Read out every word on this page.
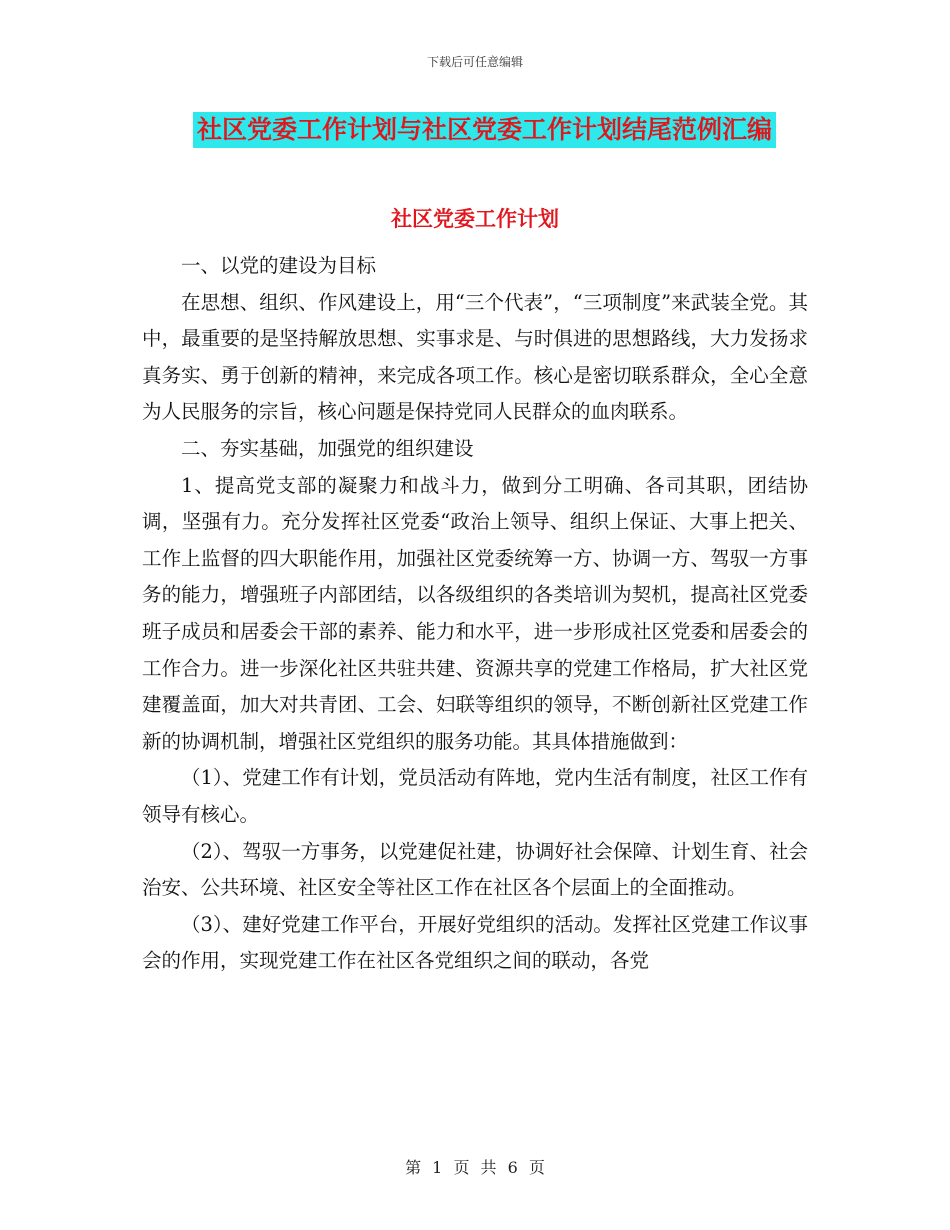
下载后可任意编辑
社区党委工作计划与社区党委工作计划结尾范例汇编
社区党委工作计划

一、以党的建设为目标

在思想、组织、作风建设上，用“三个代表”，“三项制度”来武装全党。其中，最重要的是坚持解放思想、实事求是、与时俱进的思想路线，大力发扬求真务实、勇于创新的精神，来完成各项工作。核心是密切联系群众，全心全意为人民服务的宗旨，核心问题是保持党同人民群众的血肉联系。

二、夯实基础，加强党的组织建设

1、提高党支部的凝聚力和战斗力，做到分工明确、各司其职，团结协调，坚强有力。充分发挥社区党委“政治上领导、组织上保证、大事上把关、工作上监督的四大职能作用，加强社区党委统筹一方、协调一方、驾驭一方事务的能力，增强班子内部团结，以各级组织的各类培训为契机，提高社区党委班子成员和居委会干部的素养、能力和水平，进一步形成社区党委和居委会的工作合力。进一步深化社区共驻共建、资源共享的党建工作格局，扩大社区党建覆盖面，加大对共青团、工会、妇联等组织的领导，不断创新社区党建工作新的协调机制，增强社区党组织的服务功能。其具体措施做到：

（1）、党建工作有计划，党员活动有阵地，党内生活有制度，社区工作有领导有核心。

（2）、驾驭一方事务，以党建促社建，协调好社会保障、计划生育、社会治安、公共环境、社区安全等社区工作在社区各个层面上的全面推动。

（3）、建好党建工作平台，开展好党组织的活动。发挥社区党建工作议事会的作用，实现党建工作在社区各党组织之间的联动，各党

第 1 页 共 6 页
